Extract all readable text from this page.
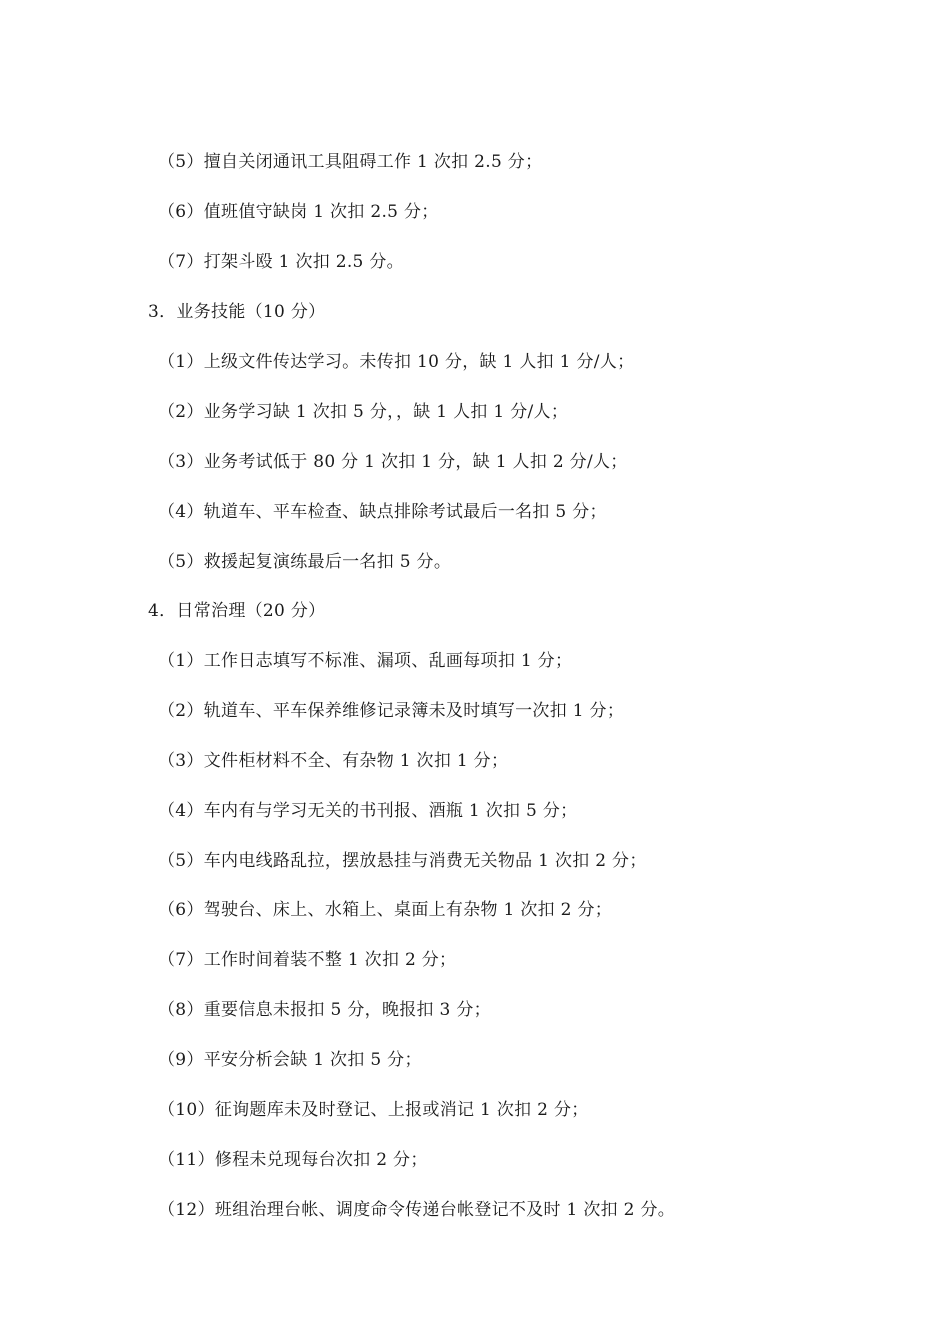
（5）擅自关闭通讯工具阻碍工作 1 次扣 2.5 分；
（6）值班值守缺岗 1 次扣 2.5 分；
（7）打架斗殴 1 次扣 2.5 分。
3．业务技能（10 分）
（1）上级文件传达学习。未传扣 10 分，缺 1 人扣 1 分/人；
（2）业务学习缺 1 次扣 5 分，，缺 1 人扣 1 分/人；
（3）业务考试低于 80 分 1 次扣 1 分，缺 1 人扣 2 分/人；
（4）轨道车、平车检查、缺点排除考试最后一名扣 5 分；
（5）救援起复演练最后一名扣 5 分。
4．日常治理（20 分）
（1）工作日志填写不标准、漏项、乱画每项扣 1 分；
（2）轨道车、平车保养维修记录簿未及时填写一次扣 1 分；
（3）文件柜材料不全、有杂物 1 次扣 1 分；
（4）车内有与学习无关的书刊报、酒瓶 1 次扣 5 分；
（5）车内电线路乱拉，摆放悬挂与消费无关物品 1 次扣 2 分；
（6）驾驶台、床上、水箱上、桌面上有杂物 1 次扣 2 分；
（7）工作时间着装不整 1 次扣 2 分；
（8）重要信息未报扣 5 分，晚报扣 3 分；
（9）平安分析会缺 1 次扣 5 分；
（10）征询题库未及时登记、上报或消记 1 次扣 2 分；
（11）修程未兑现每台次扣 2 分；
（12）班组治理台帐、调度命令传递台帐登记不及时 1 次扣 2 分。
